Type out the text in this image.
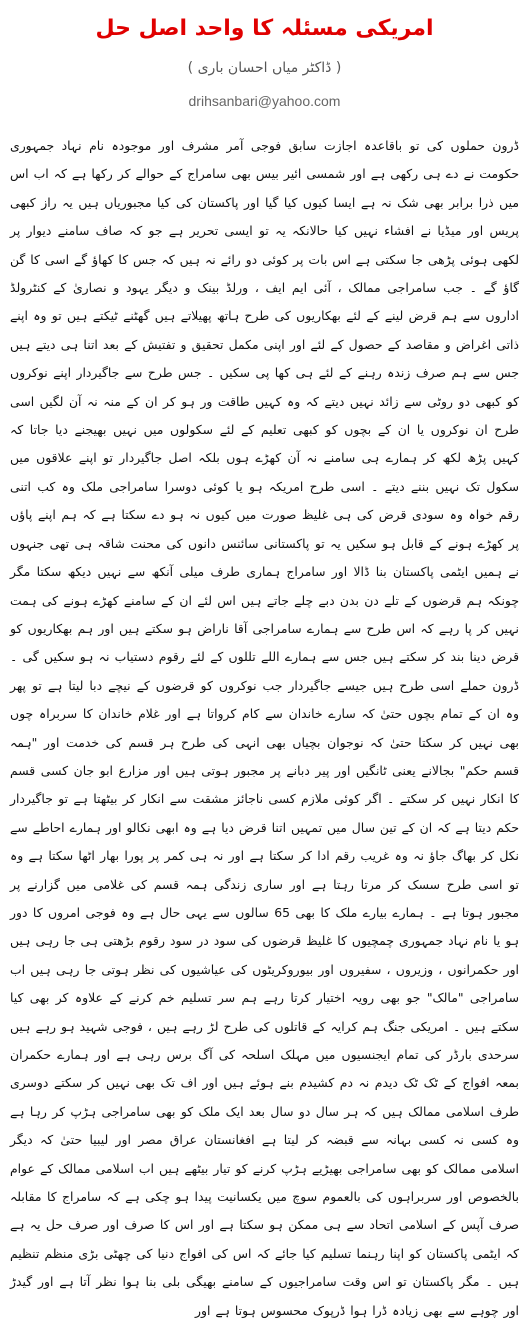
امریکی مسئلہ کا واحد اصل حل
( ڈاکٹر میاں احسان باری )
drihsanbari@yahoo.com
ڈرون حملوں کی تو باقاعدہ اجازت سابق فوجی آمر مشرف اور موجودہ نام نہاد جمہوری حکومت نے دے ہی رکھی ہے اور شمسی ائیر بیس بھی سامراج کے حوالے کر رکھا ہے کہ اب اس میں ذرا برابر بھی شک نہ ہے ایسا کیوں کیا گیا اور پاکستان کی کیا مجبوریاں ہیں یہ راز کبھی پریس اور میڈیا نے افشاء نہیں کیا حالانکہ یہ تو ایسی تحریر ہے جو کہ صاف سامنے دیوار پر لکھی ہوئی پڑھی جا سکتی ہے اس بات پر کوئی دو رائے نہ ہیں کہ جس کا کھاؤ گے اسی کا گن گاؤ گے ۔ جب سامراجی ممالک ، آئی ایم ایف ، ورلڈ بینک و دیگر یہود و نصاریٰ کے کنٹرولڈ اداروں سے ہم قرض لینے کے لئے بھکاریوں کی طرح ہاتھ پھیلاتے ہیں گھٹنے ٹیکتے ہیں تو وہ اپنے ذاتی اغراض و مقاصد کے حصول کے لئے اور اپنی مکمل تحقیق و تفتیش کے بعد اتنا ہی دیتے ہیں جس سے ہم صرف زندہ رہنے کے لئے ہی کھا پی سکیں ۔ جس طرح سے جاگیردار اپنے نوکروں کو کبھی دو روٹی سے زائد نہیں دیتے کہ وہ کہیں طاقت ور ہو کر ان کے منہ نہ آن لگیں اسی طرح ان نوکروں یا ان کے بچوں کو کبھی تعلیم کے لئے سکولوں میں نہیں بھیجنے دیا جاتا کہ کہیں پڑھ لکھ کر ہمارے ہی سامنے نہ آن کھڑے ہوں بلکہ اصل جاگیردار تو اپنے علاقوں میں سکول تک نہیں بننے دیتے ۔ اسی طرح امریکہ ہو یا کوئی دوسرا سامراجی ملک وہ کب اتنی رقم خواہ وہ سودی قرض کی ہی غلیظ صورت میں کیوں نہ ہو دے سکتا ہے کہ ہم اپنے پاؤں پر کھڑے ہونے کے قابل ہو سکیں یہ تو پاکستانی سائنس دانوں کی محنت شاقہ ہی تھی جنہوں نے ہمیں ایٹمی پاکستان بنا ڈالا اور سامراج ہماری طرف میلی آنکھ سے نہیں دیکھ سکتا مگر چونکہ ہم قرضوں کے تلے دن بدن دبے چلے جاتے ہیں اس لئے ان کے سامنے کھڑے ہونے کی ہمت نہیں کر پا رہے کہ اس طرح سے ہمارے سامراجی آقا ناراض ہو سکتے ہیں اور ہم بھکاریوں کو قرض دینا بند کر سکتے ہیں جس سے ہمارے اللے تللوں کے لئے رقوم دستیاب نہ ہو سکیں گی ۔ ڈرون حملے اسی طرح ہیں جیسے جاگیردار جب نوکروں کو قرضوں کے نیچے دبا لیتا ہے تو پھر وہ ان کے تمام بچوں حتیٰ کہ سارے خاندان سے کام کرواتا ہے اور غلام خاندان کا سربراہ چوں بھی نہیں کر سکتا حتیٰ کہ نوجوان بچیاں بھی انہی کی طرح ہر قسم کی خدمت اور "ہمہ قسم حکم" بجالانے یعنی ٹانگیں اور پیر دبانے پر مجبور ہوتی ہیں اور مزارع ابو جان کسی قسم کا انکار نہیں کر سکتے ۔ اگر کوئی ملازم کسی ناجائز مشقت سے انکار کر بیٹھتا ہے تو جاگیردار حکم دیتا ہے کہ ان کے تین سال میں تمہیں اتنا قرض دیا ہے وہ ابھی نکالو اور ہمارے احاطے سے نکل کر بھاگ جاؤ نہ وہ غریب رقم ادا کر سکتا ہے اور نہ ہی کمر پر پورا بھار اٹھا سکتا ہے وہ تو اسی طرح سسک کر مرتا رہتا ہے اور ساری زندگی ہمہ قسم کی غلامی میں گزارنے پر مجبور ہوتا ہے ۔ ہمارے بیارے ملک کا بھی 65 سالوں سے یہی حال ہے وہ فوجی امروں کا دور ہو یا نام نہاد جمہوری چمچیوں کا غلیظ قرضوں کی سود در سود رقوم بڑھتی ہی جا رہی ہیں اور حکمرانوں ، وزیروں ، سفیروں اور بیوروکریٹوں کی عیاشیوں کی نظر ہوتی جا رہی ہیں اب سامراجی "مالک" جو بھی رویہ اختیار کرتا رہے ہم سر تسلیم خم کرنے کے علاوہ کر بھی کیا سکتے ہیں ۔ امریکی جنگ ہم کرایہ کے قاتلوں کی طرح لڑ رہے ہیں ، فوجی شہید ہو رہے ہیں سرحدی بارڈر کی تمام ایجنسیوں میں مہلک اسلحہ کی آگ برس رہی ہے اور ہمارے حکمران بمعہ افواج کے ٹک ٹک دیدم نہ دم کشیدم بنے ہوئے ہیں اور اف تک بھی نہیں کر سکتے دوسری طرف اسلامی ممالک ہیں کہ ہر سال دو سال بعد ایک ملک کو بھی سامراجی ہڑپ کر رہا ہے وہ کسی نہ کسی بہانہ سے قبضہ کر لیتا ہے افغانستان عراق مصر اور لیبیا حتیٰ کہ دیگر اسلامی ممالک کو بھی سامراجی بھیڑیے ہڑپ کرنے کو تیار بیٹھے ہیں اب اسلامی ممالک کے عوام بالخصوص اور سربراہوں کی بالعموم سوچ میں یکسانیت پیدا ہو چکی ہے کہ سامراج کا مقابلہ صرف آپس کے اسلامی اتحاد سے ہی ممکن ہو سکتا ہے اور اس کا صرف اور صرف حل یہ ہے کہ ایٹمی پاکستان کو اپنا رہنما تسلیم کیا جائے کہ اس کی افواج دنیا کی چھٹی بڑی منظم تنظیم ہیں ۔ مگر پاکستان تو اس وقت سامراجیوں کے سامنے بھیگی بلی بنا ہوا نظر آتا ہے اور گیدڑ اور چوہے سے بھی زیادہ ڈرا ہوا ڈرپوک محسوس ہوتا ہے اور
